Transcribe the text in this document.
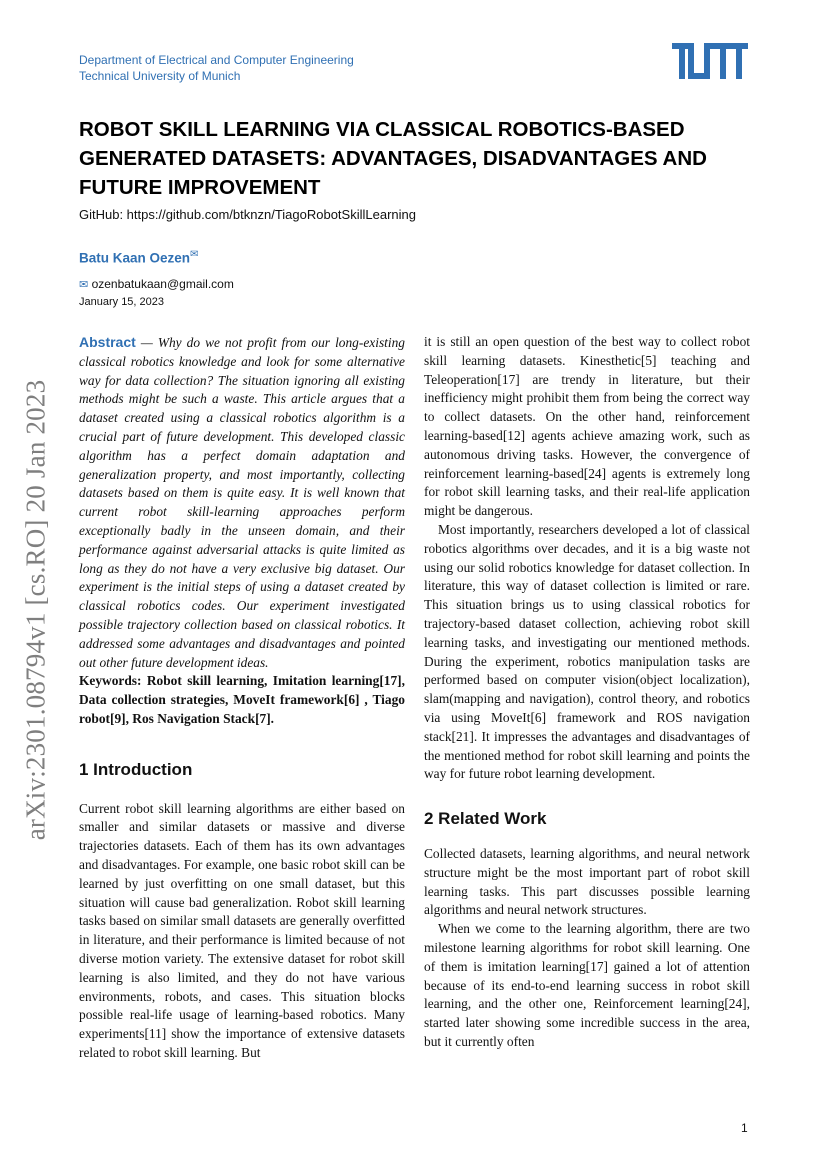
Department of Electrical and Computer Engineering
Technical University of Munich
arXiv:2301.08794v1 [cs.RO] 20 Jan 2023
ROBOT SKILL LEARNING VIA CLASSICAL ROBOTICS-BASED GENERATED DATASETS: ADVANTAGES, DISADVANTAGES AND FUTURE IMPROVEMENT
GitHub: https://github.com/btknzn/TiagoRobotSkillLearning
Batu Kaan Oezen✉
✉ ozenbatukaan@gmail.com
January 15, 2023

Abstract — Why do we not profit from our long-existing classical robotics knowledge and look for some alternative way for data collection? The situation ignoring all existing methods might be such a waste. This article argues that a dataset created using a classical robotics algorithm is a crucial part of future development. This developed classic algorithm has a perfect domain adaptation and generalization property, and most importantly, collecting datasets based on them is quite easy. It is well known that current robot skill-learning approaches perform exceptionally badly in the unseen domain, and their performance against adversarial attacks is quite limited as long as they do not have a very exclusive big dataset. Our experiment is the initial steps of using a dataset created by classical robotics codes. Our experiment investigated possible trajectory collection based on classical robotics. It addressed some advantages and disadvantages and pointed out other future development ideas.

Keywords: Robot skill learning, Imitation learning[17], Data collection strategies, MoveIt framework[6] , Tiago robot[9], Ros Navigation Stack[7].

1 Introduction

Current robot skill learning algorithms are either based on smaller and similar datasets or massive and diverse trajectories datasets. Each of them has its own advantages and disadvantages. For example, one basic robot skill can be learned by just overfitting on one small dataset, but this situation will cause bad generalization. Robot skill learning tasks based on similar small datasets are generally overfitted in literature, and their performance is limited because of not diverse motion variety. The extensive dataset for robot skill learning is also limited, and they do not have various environments, robots, and cases. This situation blocks possible real-life usage of learning-based robotics. Many experiments[11] show the importance of extensive datasets related to robot skill learning. But

it is still an open question of the best way to collect robot skill learning datasets. Kinesthetic[5] teaching and Teleoperation[17] are trendy in literature, but their inefficiency might prohibit them from being the correct way to collect datasets. On the other hand, reinforcement learning-based[12] agents achieve amazing work, such as autonomous driving tasks. However, the convergence of reinforcement learning-based[24] agents is extremely long for robot skill learning tasks, and their real-life application might be dangerous.

Most importantly, researchers developed a lot of classical robotics algorithms over decades, and it is a big waste not using our solid robotics knowledge for dataset collection. In literature, this way of dataset collection is limited or rare. This situation brings us to using classical robotics for trajectory-based dataset collection, achieving robot skill learning tasks, and investigating our mentioned methods. During the experiment, robotics manipulation tasks are performed based on computer vision(object localization), slam(mapping and navigation), control theory, and robotics via using MoveIt[6] framework and ROS navigation stack[21]. It impresses the advantages and disadvantages of the mentioned method for robot skill learning and points the way for future robot learning development.

2 Related Work

Collected datasets, learning algorithms, and neural network structure might be the most important part of robot skill learning tasks. This part discusses possible learning algorithms and neural network structures.

When we come to the learning algorithm, there are two milestone learning algorithms for robot skill learning. One of them is imitation learning[17] gained a lot of attention because of its end-to-end learning success in robot skill learning, and the other one, Reinforcement learning[24], started later showing some incredible success in the area, but it currently often

1
